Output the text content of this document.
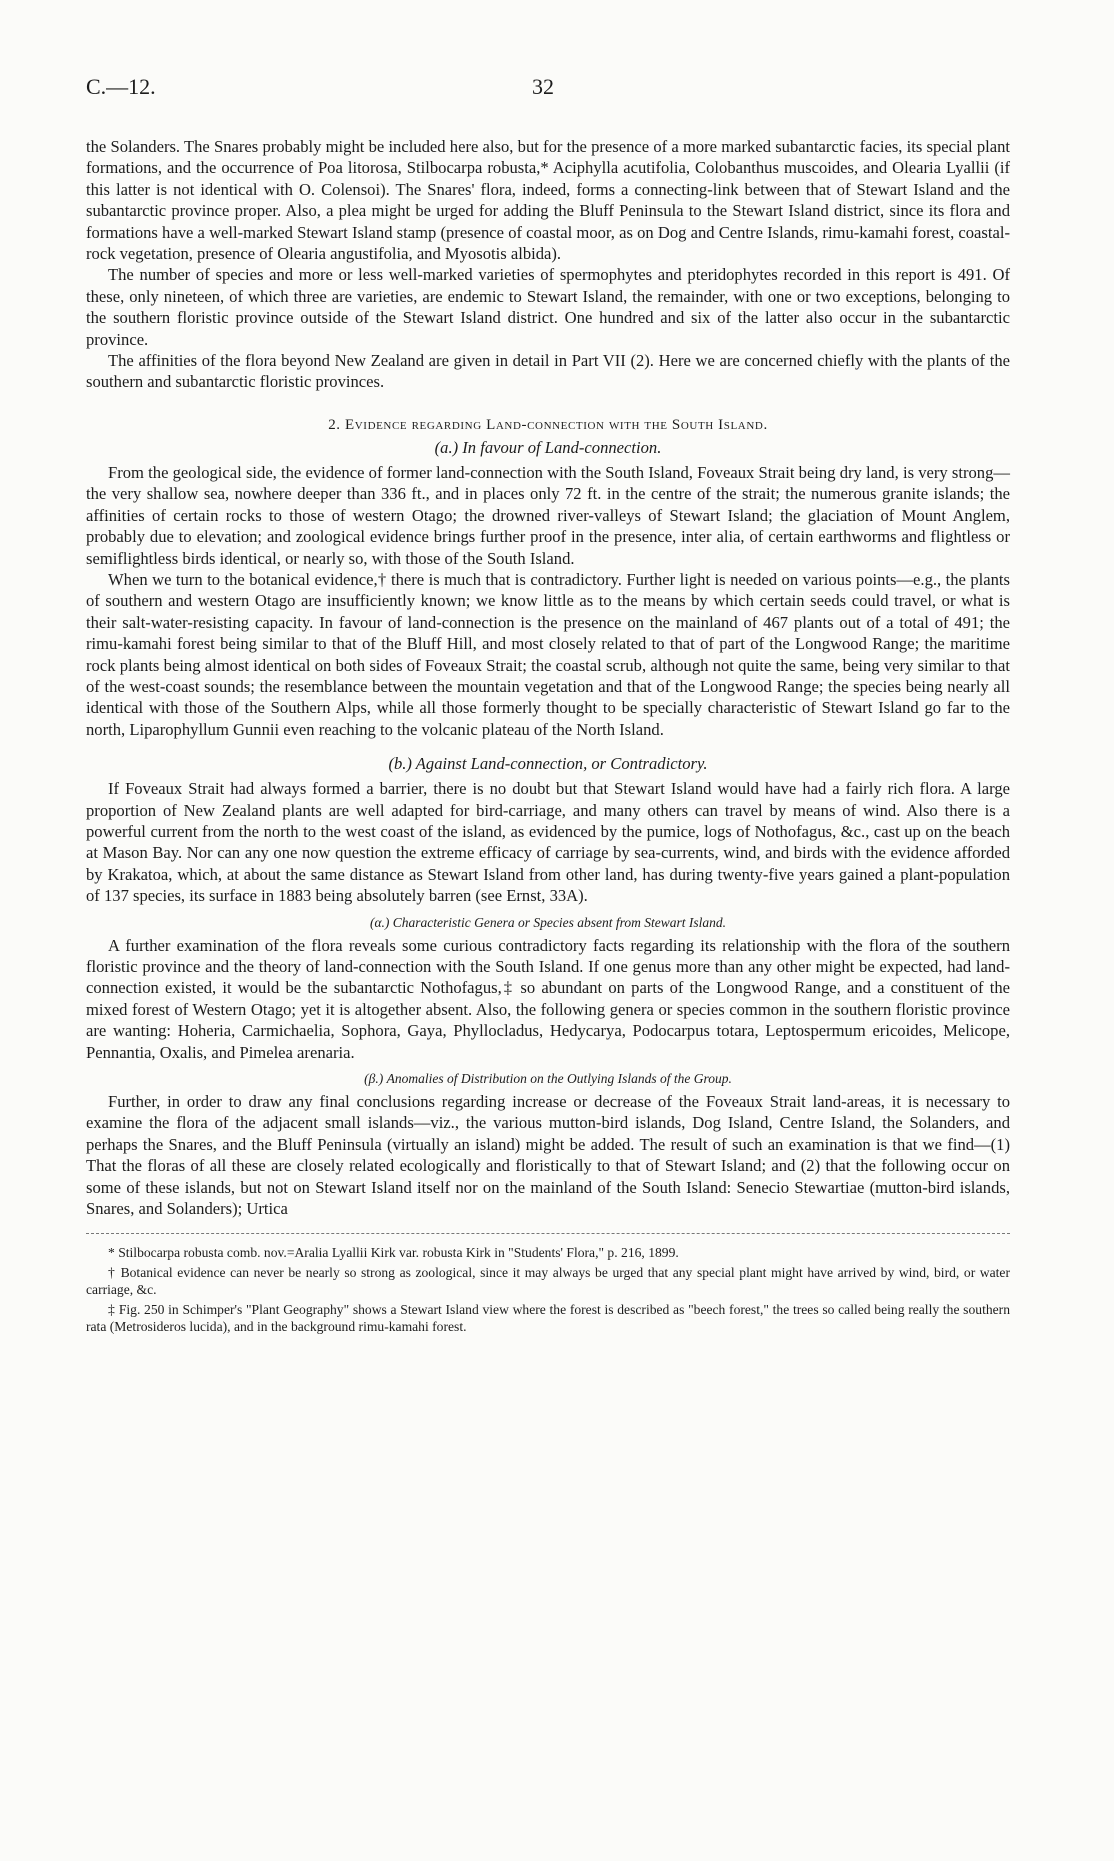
C.—12.	32

the Solanders. The Snares probably might be included here also, but for the presence of a more marked subantarctic facies, its special plant formations, and the occurrence of Poa litorosa, Stilbocarpa robusta,* Aciphylla acutifolia, Colobanthus muscoides, and Olearia Lyallii (if this latter is not identical with O. Colensoi). The Snares' flora, indeed, forms a connecting-link between that of Stewart Island and the subantarctic province proper. Also, a plea might be urged for adding the Bluff Peninsula to the Stewart Island district, since its flora and formations have a well-marked Stewart Island stamp (presence of coastal moor, as on Dog and Centre Islands, rimu-kamahi forest, coastal-rock vegetation, presence of Olearia angustifolia, and Myosotis albida).

The number of species and more or less well-marked varieties of spermophytes and pteridophytes recorded in this report is 491. Of these, only nineteen, of which three are varieties, are endemic to Stewart Island, the remainder, with one or two exceptions, belonging to the southern floristic province outside of the Stewart Island district. One hundred and six of the latter also occur in the subantarctic province.

The affinities of the flora beyond New Zealand are given in detail in Part VII (2). Here we are concerned chiefly with the plants of the southern and subantarctic floristic provinces.

2. Evidence regarding Land-connection with the South Island.
(a.) In favour of Land-connection.

From the geological side, the evidence of former land-connection with the South Island, Foveaux Strait being dry land, is very strong—the very shallow sea, nowhere deeper than 336 ft., and in places only 72 ft. in the centre of the strait; the numerous granite islands; the affinities of certain rocks to those of western Otago; the drowned river-valleys of Stewart Island; the glaciation of Mount Anglem, probably due to elevation; and zoological evidence brings further proof in the presence, inter alia, of certain earthworms and flightless or semiflightless birds identical, or nearly so, with those of the South Island.

When we turn to the botanical evidence,† there is much that is contradictory. Further light is needed on various points—e.g., the plants of southern and western Otago are insufficiently known; we know little as to the means by which certain seeds could travel, or what is their salt-water-resisting capacity. In favour of land-connection is the presence on the mainland of 467 plants out of a total of 491; the rimu-kamahi forest being similar to that of the Bluff Hill, and most closely related to that of part of the Longwood Range; the maritime rock plants being almost identical on both sides of Foveaux Strait; the coastal scrub, although not quite the same, being very similar to that of the west-coast sounds; the resemblance between the mountain vegetation and that of the Longwood Range; the species being nearly all identical with those of the Southern Alps, while all those formerly thought to be specially characteristic of Stewart Island go far to the north, Liparophyllum Gunnii even reaching to the volcanic plateau of the North Island.

(b.) Against Land-connection, or Contradictory.

If Foveaux Strait had always formed a barrier, there is no doubt but that Stewart Island would have had a fairly rich flora. A large proportion of New Zealand plants are well adapted for bird-carriage, and many others can travel by means of wind. Also there is a powerful current from the north to the west coast of the island, as evidenced by the pumice, logs of Nothofagus, &c., cast up on the beach at Mason Bay. Nor can any one now question the extreme efficacy of carriage by sea-currents, wind, and birds with the evidence afforded by Krakatoa, which, at about the same distance as Stewart Island from other land, has during twenty-five years gained a plant-population of 137 species, its surface in 1883 being absolutely barren (see Ernst, 33A).

(α.) Characteristic Genera or Species absent from Stewart Island.

A further examination of the flora reveals some curious contradictory facts regarding its relationship with the flora of the southern floristic province and the theory of land-connection with the South Island. If one genus more than any other might be expected, had land-connection existed, it would be the subantarctic Nothofagus,‡ so abundant on parts of the Longwood Range, and a constituent of the mixed forest of Western Otago; yet it is altogether absent. Also, the following genera or species common in the southern floristic province are wanting: Hoheria, Carmichaelia, Sophora, Gaya, Phyllocladus, Hedycarya, Podocarpus totara, Leptospermum ericoides, Melicope, Pennantia, Oxalis, and Pimelea arenaria.

(β.) Anomalies of Distribution on the Outlying Islands of the Group.

Further, in order to draw any final conclusions regarding increase or decrease of the Foveaux Strait land-areas, it is necessary to examine the flora of the adjacent small islands—viz., the various mutton-bird islands, Dog Island, Centre Island, the Solanders, and perhaps the Snares, and the Bluff Peninsula (virtually an island) might be added. The result of such an examination is that we find—(1) That the floras of all these are closely related ecologically and floristically to that of Stewart Island; and (2) that the following occur on some of these islands, but not on Stewart Island itself nor on the mainland of the South Island: Senecio Stewartiae (mutton-bird islands, Snares, and Solanders); Urtica

* Stilbocarpa robusta comb. nov.=Aralia Lyallii Kirk var. robusta Kirk in "Students' Flora," p. 216, 1899.

† Botanical evidence can never be nearly so strong as zoological, since it may always be urged that any special plant might have arrived by wind, bird, or water carriage, &c.

‡ Fig. 250 in Schimper's "Plant Geography" shows a Stewart Island view where the forest is described as "beech forest," the trees so called being really the southern rata (Metrosideros lucida), and in the background rimu-kamahi forest.
